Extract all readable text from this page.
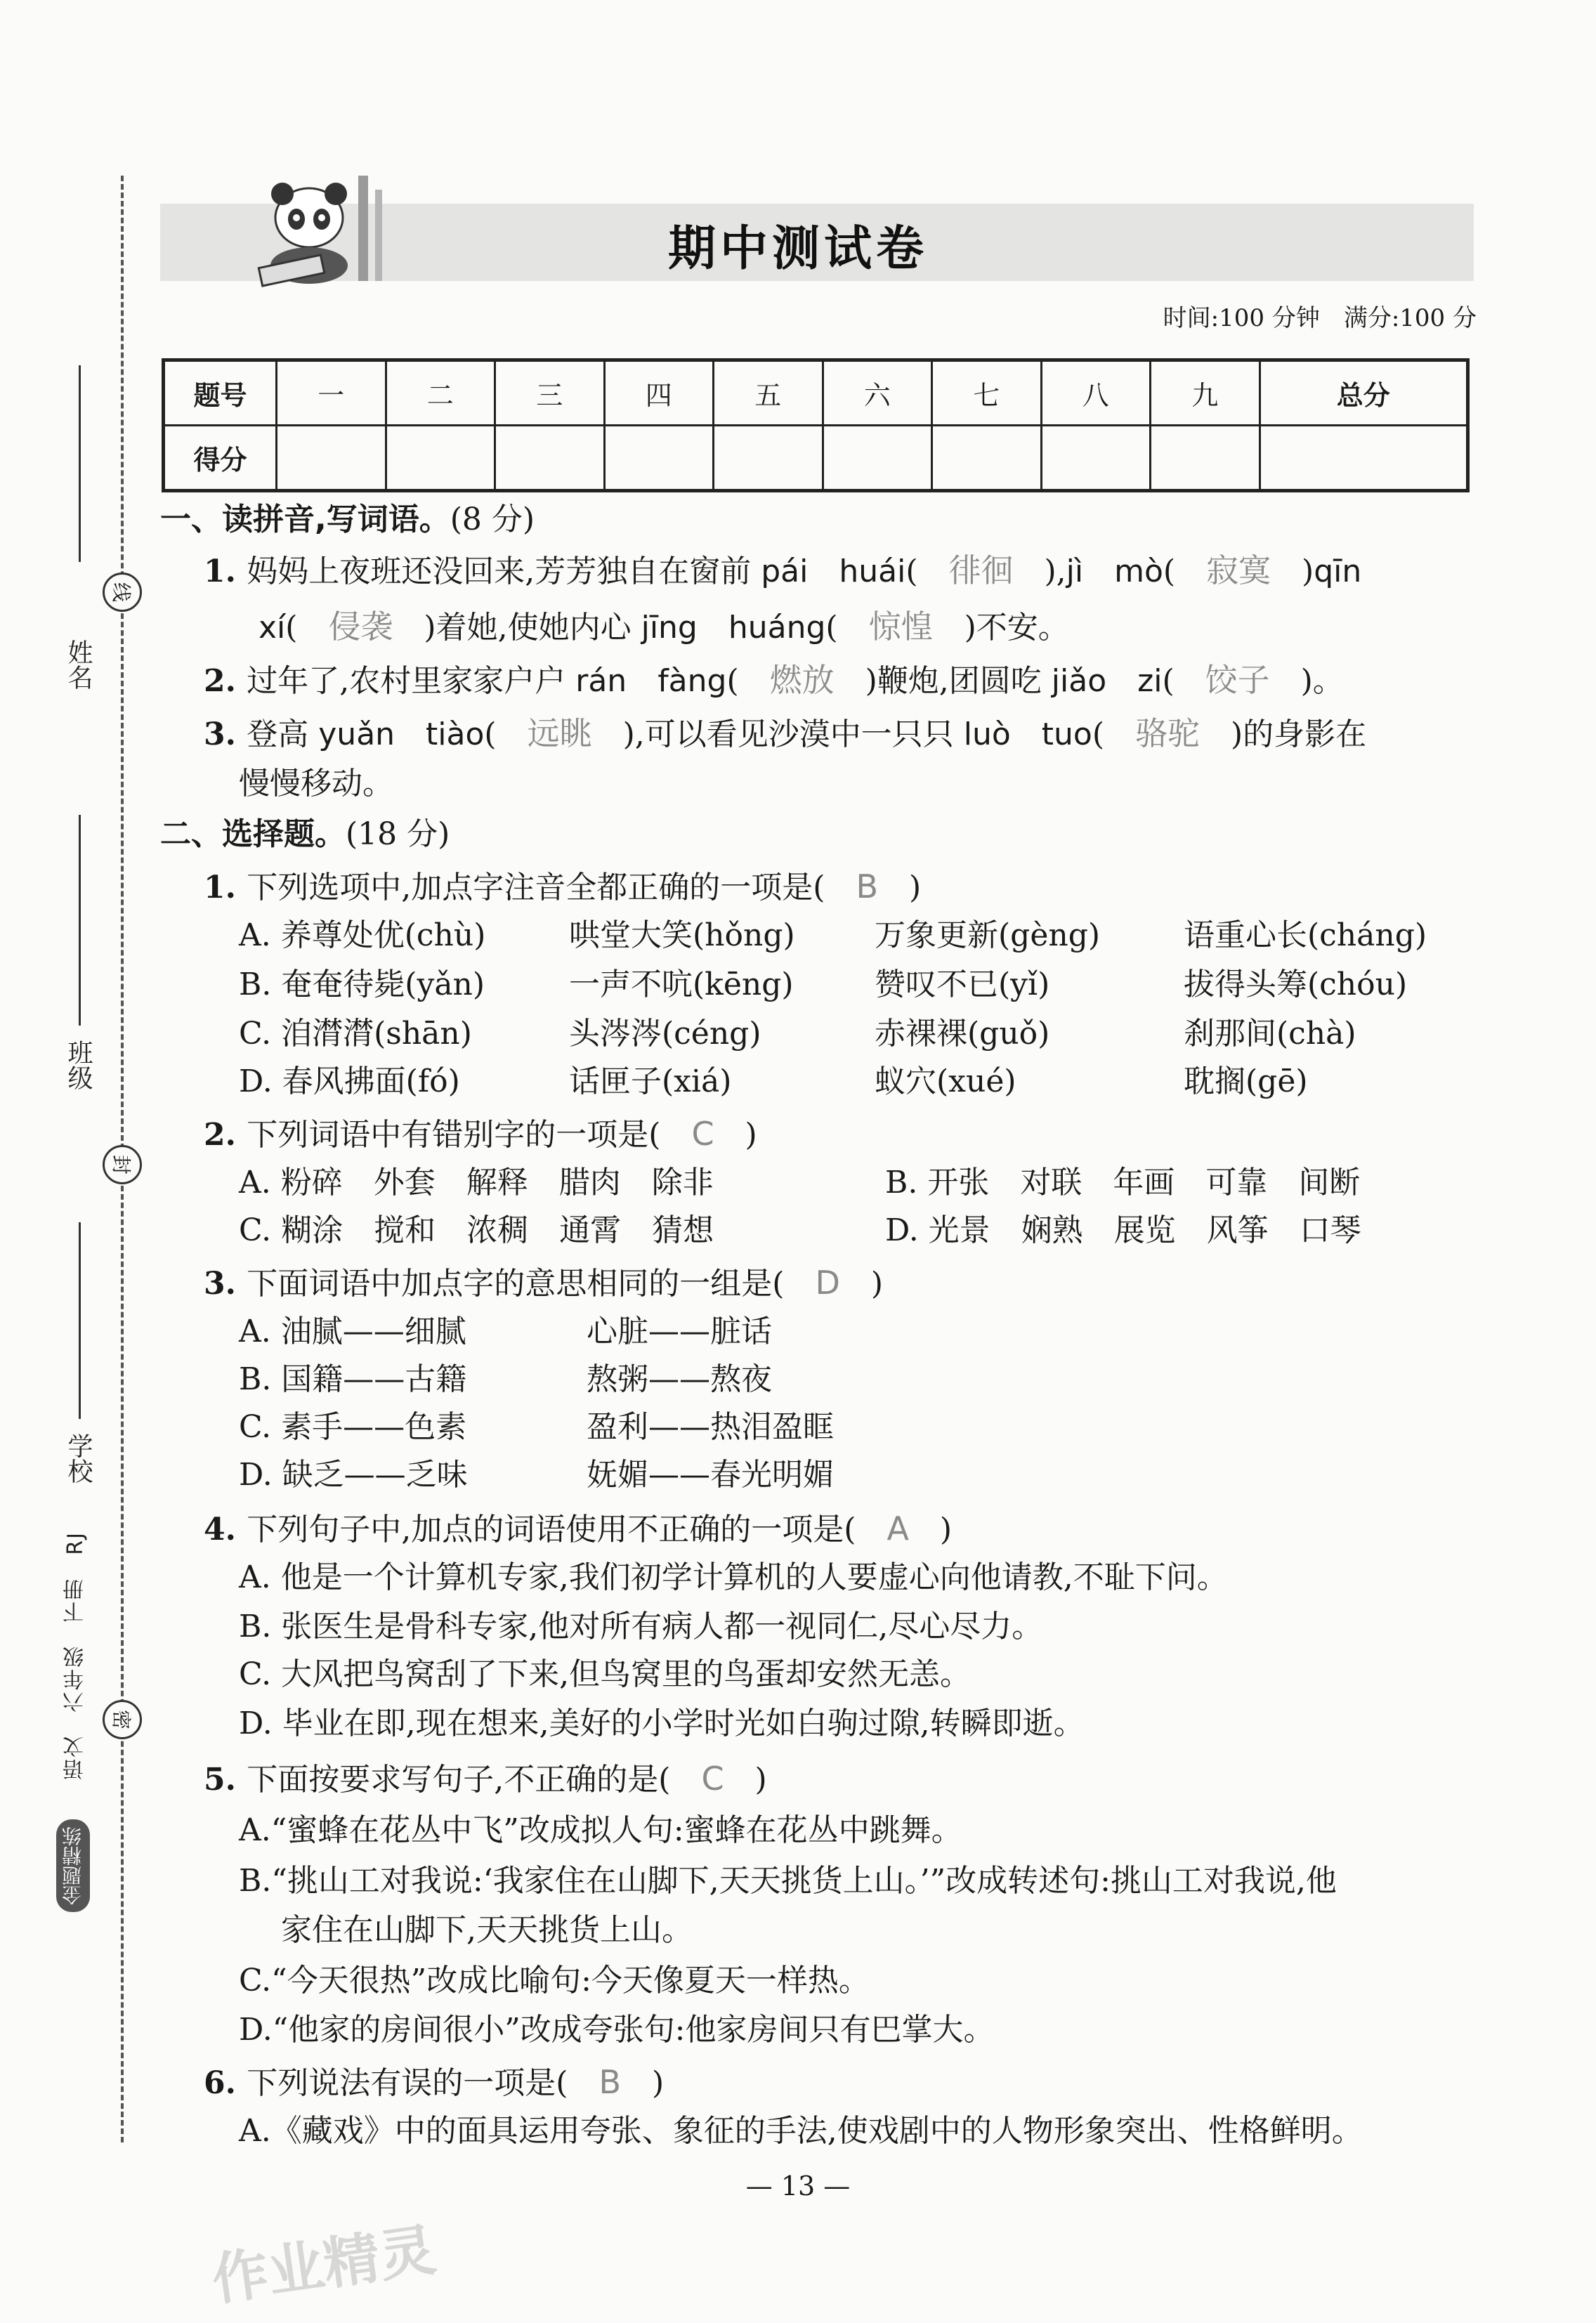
姓名
班级
学校
语文　六年级　下册　RJ
金题精练
线
封
密
期中测试卷
时间:100 分钟　 满分:100 分
题号	一	二	三	四	五	六	七	八	九	总分
得分										
一、读拼音,写词语。(8 分)
1. 妈妈上夜班还没回来,芳芳独自在窗前 pái　huái(　徘徊　),jì　mò(　寂寞　)qīn
xí(　侵袭　)着她,使她内心 jīng　huáng(　惊惶　)不安。
2. 过年了,农村里家家户户 rán　fàng(　燃放　)鞭炮,团圆吃 jiǎo　zi(　饺子　)。
3. 登高 yuǎn　tiào(　远眺　),可以看见沙漠中一只只 luò　tuo(　骆驼　)的身影在
慢慢移动。
二、选择题。(18 分)
1. 下列选项中,加点字注音全都正确的一项是(　B　)
A. 养尊处优(chù)	哄堂大笑(hǒng)	万象更新(gèng)	语重心长(cháng)
B. 奄奄待毙(yǎn)	一声不吭(kēng)	赞叹不已(yǐ)	拔得头筹(chóu)
C. 洎潸潸(shān)	头涔涔(céng)	赤裸裸(guǒ)	刹那间(chà)
D. 春风拂面(fó)	话匣子(xiá)	蚁穴(xué)	耽搁(gē)
2. 下列词语中有错别字的一项是(　C　)
A. 粉碎　 外套　 解释　 腊肉　 除非	B. 开张　 对联　 年画　 可靠　 间断
C. 糊涂　 搅和　 浓稠　 通霄　 猜想	D. 光景　 娴熟　 展览　 风筝　 口琴
3. 下面词语中加点字的意思相同的一组是(　D　)
A. 油腻——细腻	心脏——脏话
B. 国籍——古籍	熬粥——熬夜
C. 素手——色素	盈利——热泪盈眶
D. 缺乏——乏味	妩媚——春光明媚
4. 下列句子中,加点的词语使用不正确的一项是(　A　)
A. 他是一个计算机专家,我们初学计算机的人要虚心向他请教,不耻下问。
B. 张医生是骨科专家,他对所有病人都一视同仁,尽心尽力。
C. 大风把鸟窝刮了下来,但鸟窝里的鸟蛋却安然无恙。
D. 毕业在即,现在想来,美好的小学时光如白驹过隙,转瞬即逝。
5. 下面按要求写句子,不正确的是(　C　)
A.“蜜蜂在花丛中飞”改成拟人句:蜜蜂在花丛中跳舞。
B.“挑山工对我说:‘我家住在山脚下,天天挑货上山。’”改成转述句:挑山工对我说,他
家住在山脚下,天天挑货上山。
C.“今天很热”改成比喻句:今天像夏天一样热。
D.“他家的房间很小”改成夸张句:他家房间只有巴掌大。
6. 下列说法有误的一项是(　B　)
A.《藏戏》中的面具运用夸张、象征的手法,使戏剧中的人物形象突出、性格鲜明。
— 13 —
作业精灵
